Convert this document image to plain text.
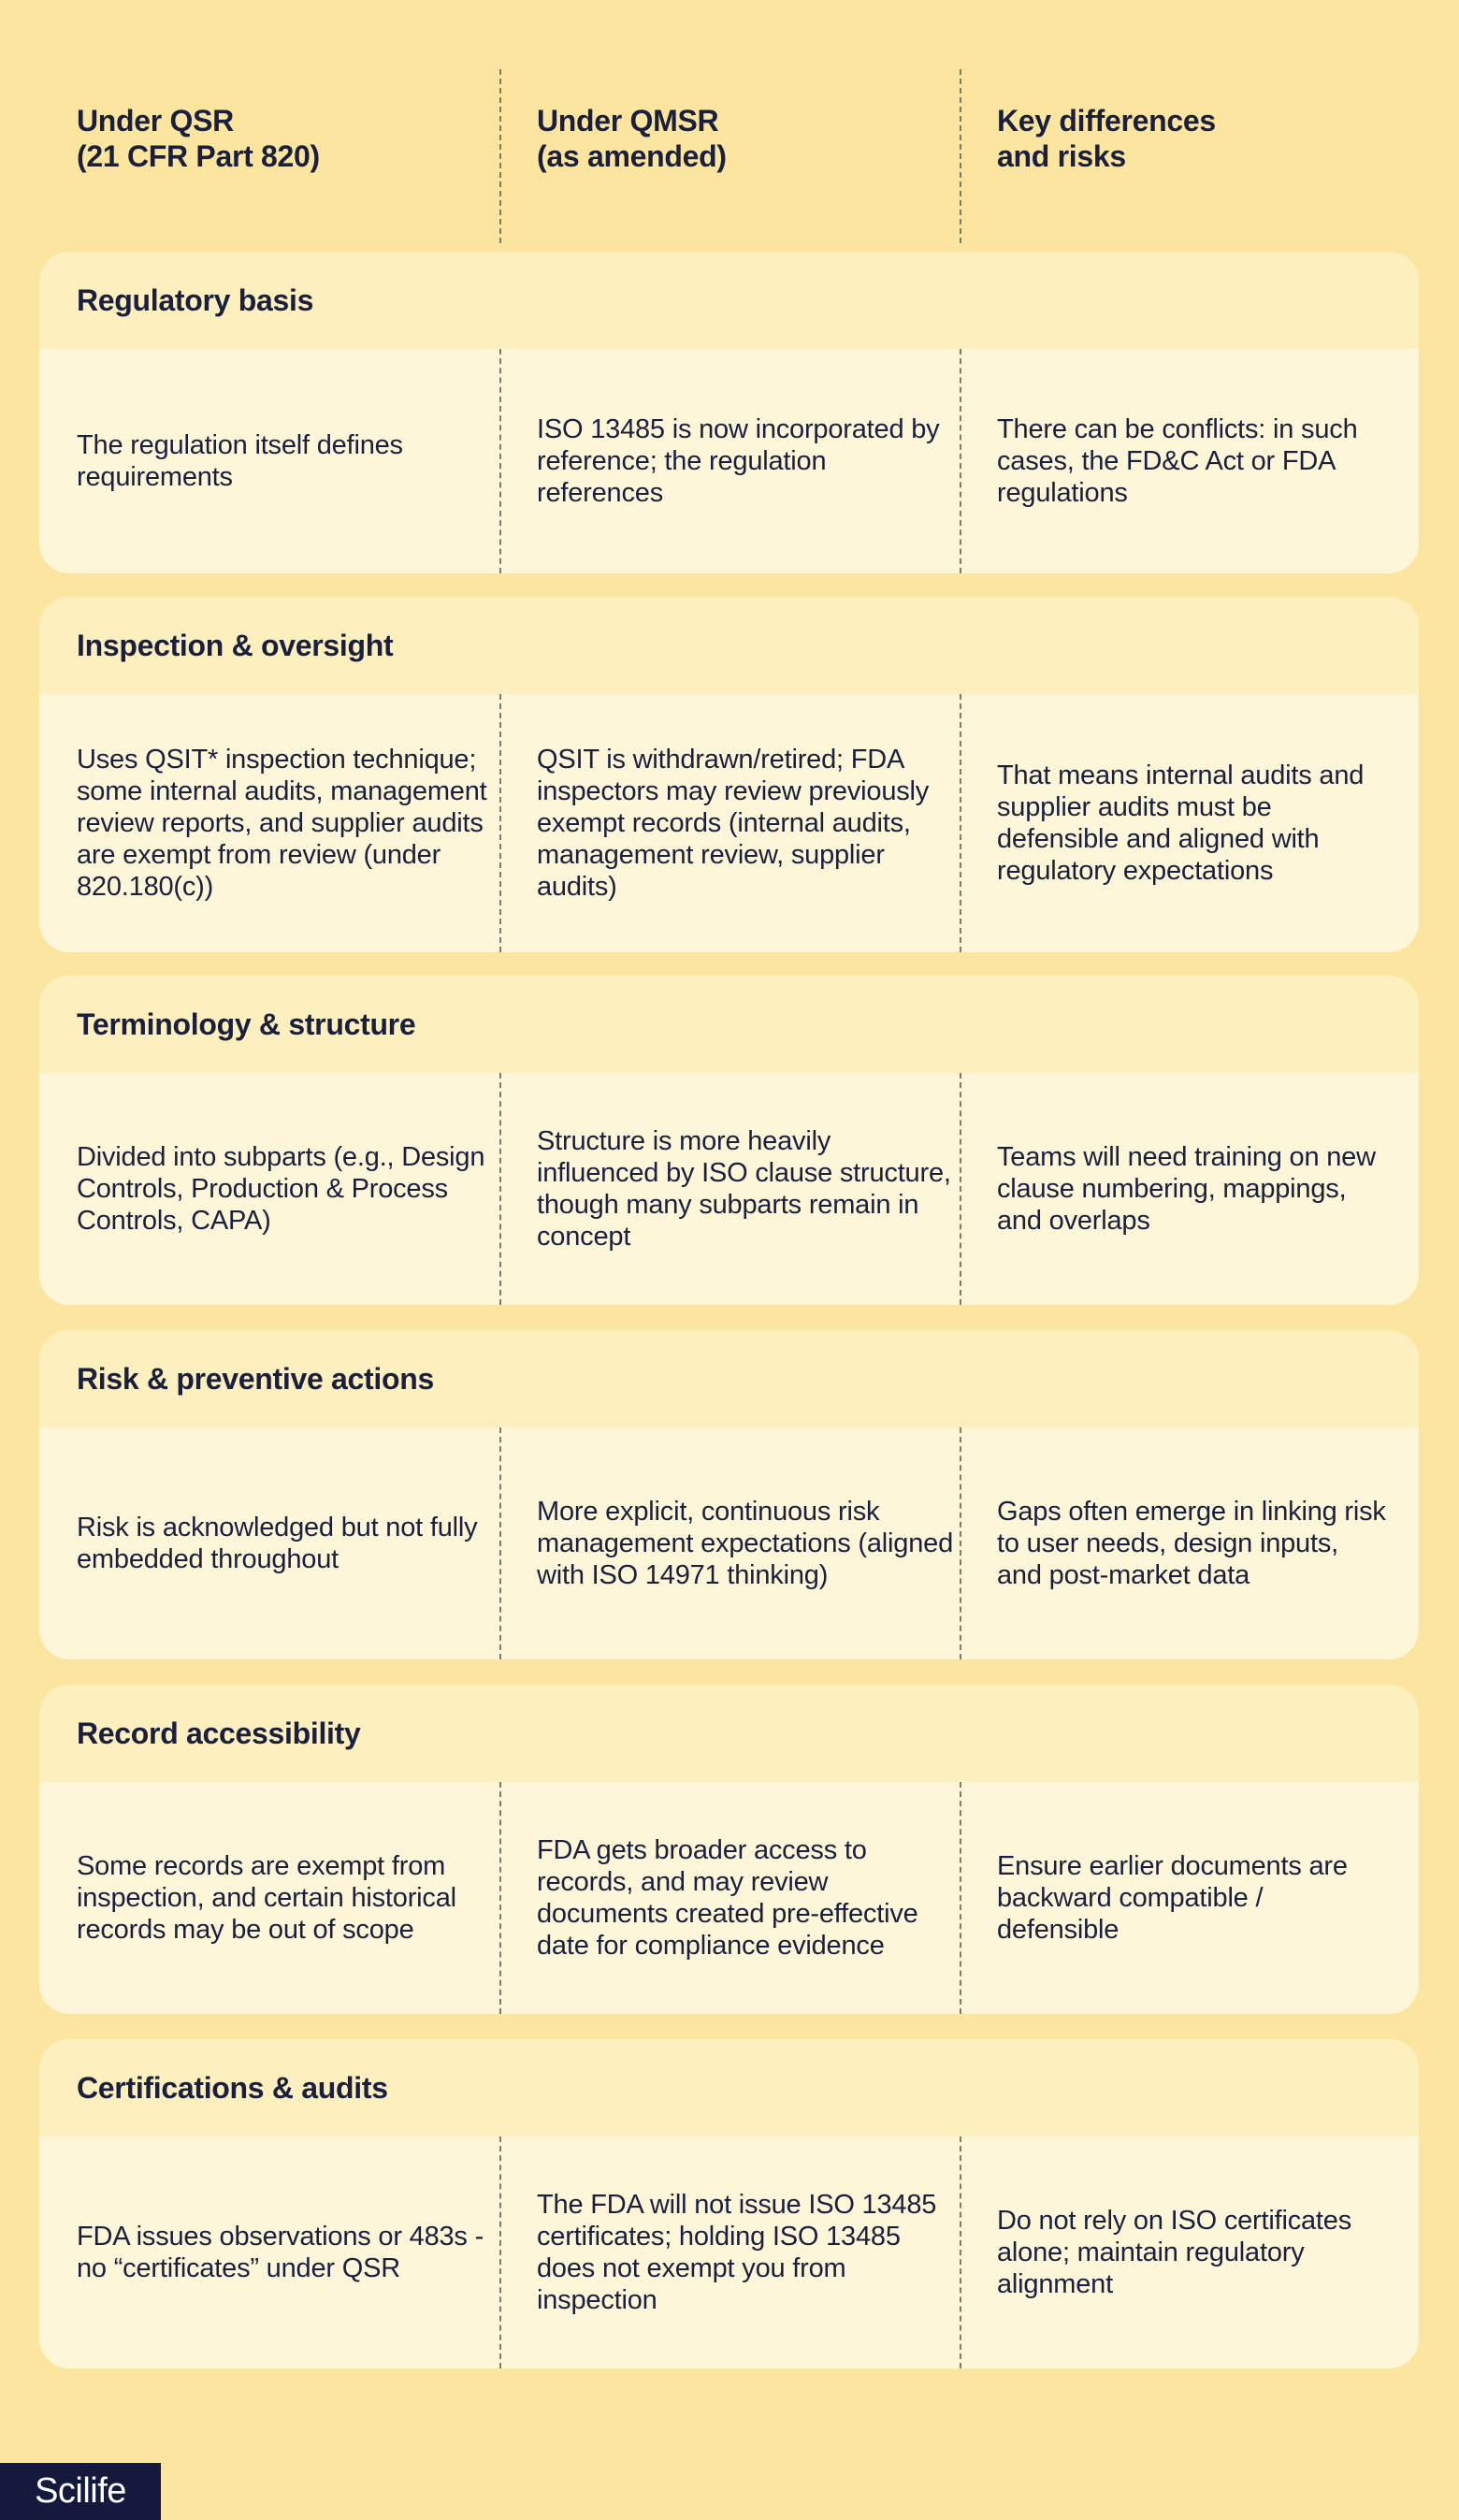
Under QSR
(21 CFR Part 820)
Under QMSR
(as amended)
Key differences
and risks
Regulatory basis
The regulation itself defines requirements
ISO 13485 is now incorporated by reference; the regulation references
There can be conflicts: in such cases, the FD&C Act or FDA regulations
Inspection & oversight
Uses QSIT* inspection technique; some internal audits, management review reports, and supplier audits are exempt from review (under 820.180(c))
QSIT is withdrawn/retired; FDA inspectors may review previously exempt records (internal audits, management review, supplier audits)
That means internal audits and supplier audits must be defensible and aligned with regulatory expectations
Terminology & structure
Divided into subparts (e.g., Design Controls, Production & Process Controls, CAPA)
Structure is more heavily influenced by ISO clause structure, though many subparts remain in concept
Teams will need training on new clause numbering, mappings, and overlaps
Risk & preventive actions
Risk is acknowledged but not fully embedded throughout
More explicit, continuous risk management expectations (aligned with ISO 14971 thinking)
Gaps often emerge in linking risk to user needs, design inputs, and post-market data
Record accessibility
Some records are exempt from inspection, and certain historical records may be out of scope
FDA gets broader access to records, and may review documents created pre-effective date for compliance evidence
Ensure earlier documents are backward compatible / defensible
Certifications & audits
FDA issues observations or 483s - no “certificates” under QSR
The FDA will not issue ISO 13485 certificates; holding ISO 13485 does not exempt you from inspection
Do not rely on ISO certificates alone; maintain regulatory alignment
Scilife
